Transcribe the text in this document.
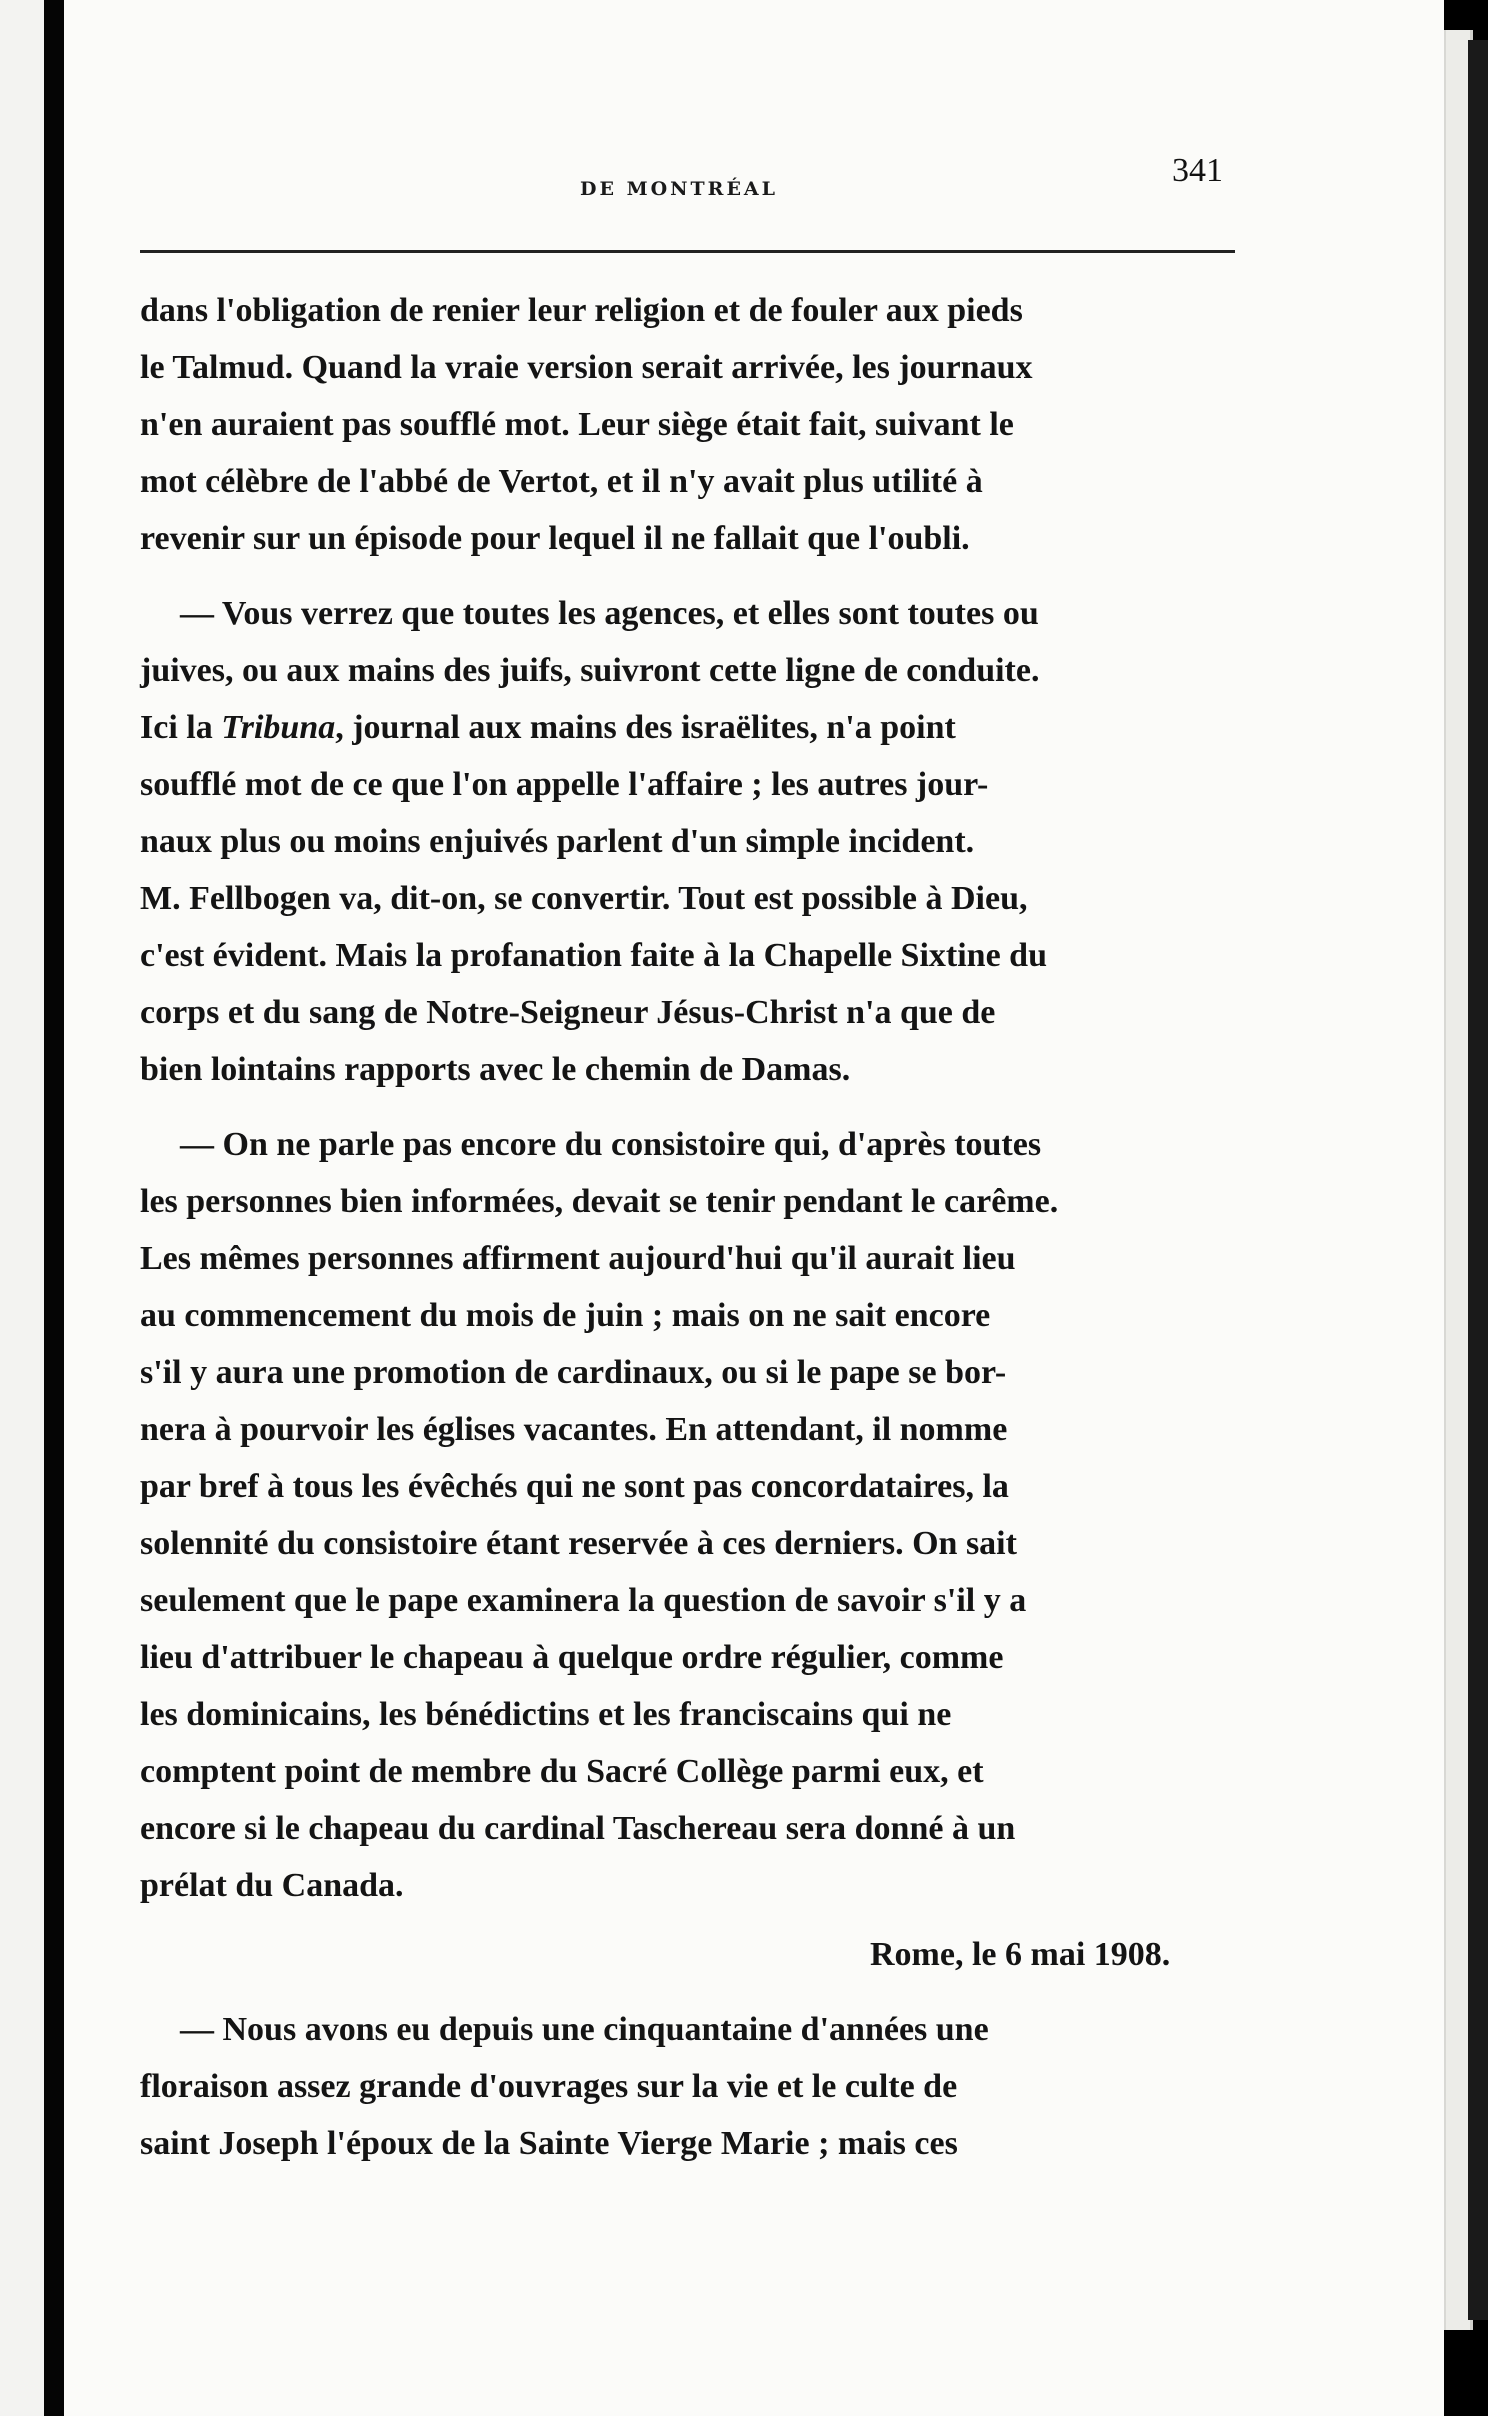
DE MONTRÉAL	341
dans l'obligation de renier leur religion et de fouler aux pieds
le Talmud. Quand la vraie version serait arrivée, les journaux
n'en auraient pas soufflé mot. Leur siège était fait, suivant le
mot célèbre de l'abbé de Vertot, et il n'y avait plus utilité à
revenir sur un épisode pour lequel il ne fallait que l'oubli.
— Vous verrez que toutes les agences, et elles sont toutes ou
juives, ou aux mains des juifs, suivront cette ligne de conduite.
Ici la Tribuna, journal aux mains des israëlites, n'a point
soufflé mot de ce que l'on appelle l'affaire ; les autres jour-
naux plus ou moins enjuivés parlent d'un simple incident.
M. Fellbogen va, dit-on, se convertir. Tout est possible à Dieu,
c'est évident. Mais la profanation faite à la Chapelle Sixtine du
corps et du sang de Notre-Seigneur Jésus-Christ n'a que de
bien lointains rapports avec le chemin de Damas.
— On ne parle pas encore du consistoire qui, d'après toutes
les personnes bien informées, devait se tenir pendant le carême.
Les mêmes personnes affirment aujourd'hui qu'il aurait lieu
au commencement du mois de juin ; mais on ne sait encore
s'il y aura une promotion de cardinaux, ou si le pape se bor-
nera à pourvoir les églises vacantes. En attendant, il nomme
par bref à tous les évêchés qui ne sont pas concordataires, la
solennité du consistoire étant reservée à ces derniers. On sait
seulement que le pape examinera la question de savoir s'il y a
lieu d'attribuer le chapeau à quelque ordre régulier, comme
les dominicains, les bénédictins et les franciscains qui ne
comptent point de membre du Sacré Collège parmi eux, et
encore si le chapeau du cardinal Taschereau sera donné à un
prélat du Canada.
Rome, le 6 mai 1908.
— Nous avons eu depuis une cinquantaine d'années une
floraison assez grande d'ouvrages sur la vie et le culte de
saint Joseph l'époux de la Sainte Vierge Marie ; mais ces
